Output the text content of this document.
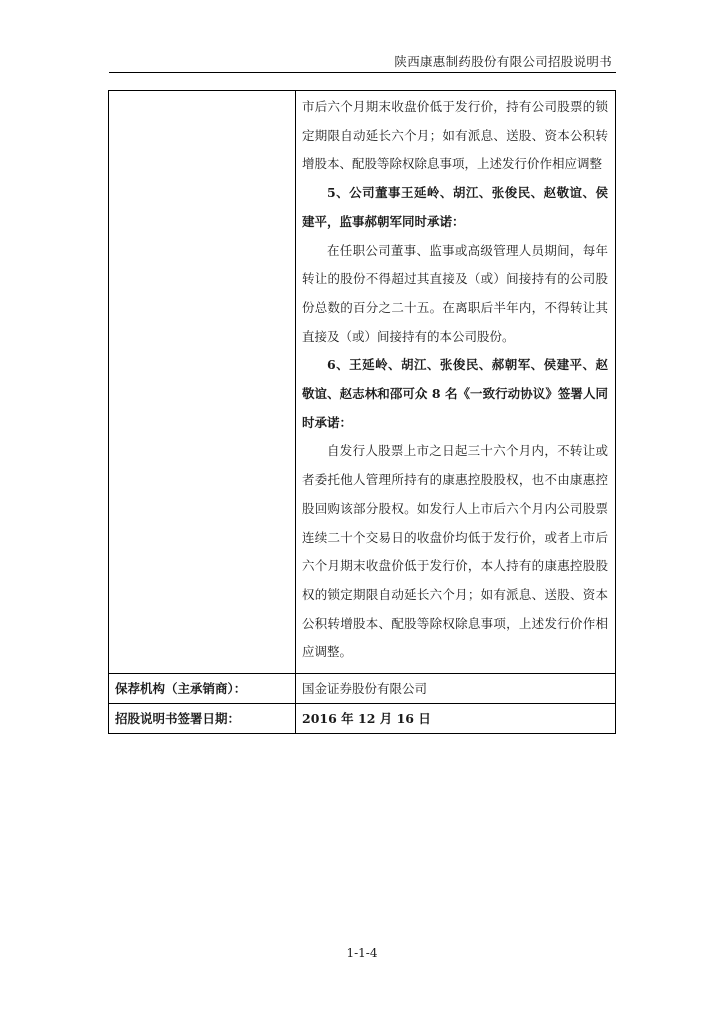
陕西康惠制药股份有限公司招股说明书

市后六个月期末收盘价低于发行价，持有公司股票的锁定期限自动延长六个月；如有派息、送股、资本公积转增股本、配股等除权除息事项，上述发行价作相应调整

5、公司董事王延岭、胡江、张俊民、赵敬谊、侯建平，监事郝朝军同时承诺：

在任职公司董事、监事或高级管理人员期间，每年转让的股份不得超过其直接及（或）间接持有的公司股份总数的百分之二十五。在离职后半年内，不得转让其直接及（或）间接持有的本公司股份。

6、王延岭、胡江、张俊民、郝朝军、侯建平、赵敬谊、赵志林和邵可众 8 名《一致行动协议》签署人同时承诺：

自发行人股票上市之日起三十六个月内，不转让或者委托他人管理所持有的康惠控股股权，也不由康惠控股回购该部分股权。如发行人上市后六个月内公司股票连续二十个交易日的收盘价均低于发行价，或者上市后六个月期末收盘价低于发行价，本人持有的康惠控股股权的锁定期限自动延长六个月；如有派息、送股、资本公积转增股本、配股等除权除息事项，上述发行价作相应调整。

保荐机构（主承销商）：	国金证券股份有限公司
招股说明书签署日期：	2016 年 12 月 16 日
1-1-4
